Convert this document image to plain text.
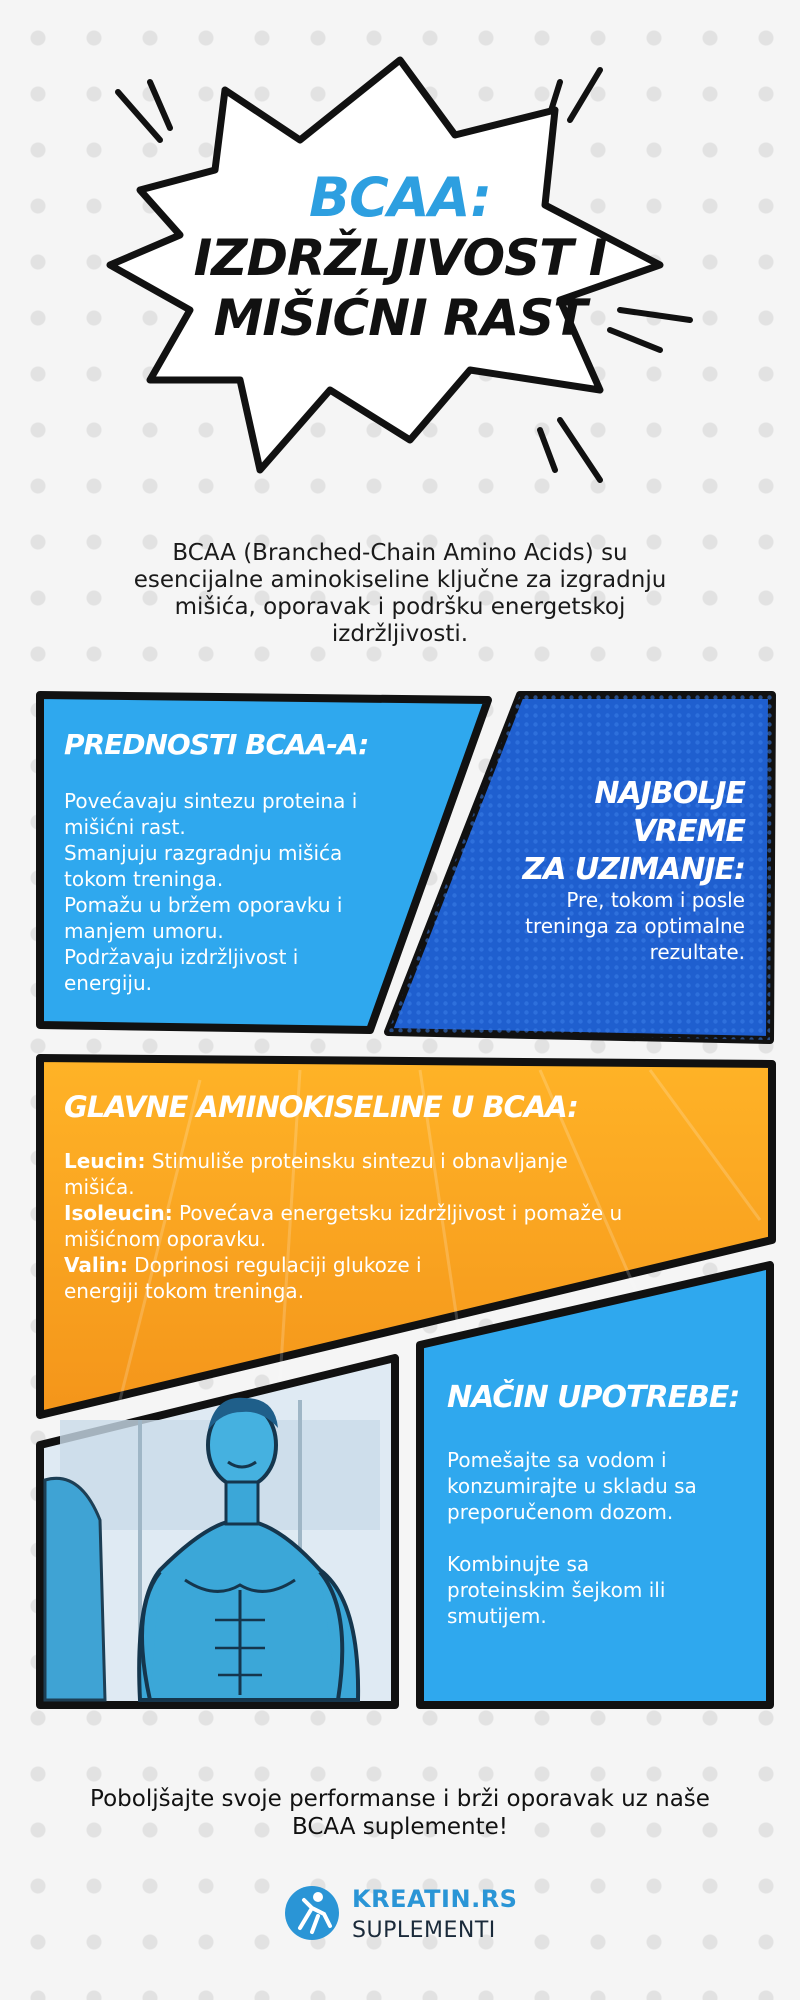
BCAA:
IZDRŽLJIVOST I
MIŠIĆNI RAST
BCAA (Branched-Chain Amino Acids) su esencijalne aminokiseline ključne za izgradnju mišića, oporavak i podršku energetskoj izdržljivosti.
PREDNOSTI BCAA-A:
Povećavaju sintezu proteina i
mišićni rast.
Smanjuju razgradnju mišića
tokom treninga.
Pomažu u bržem oporavku i
manjem umoru.
Podržavaju izdržljivost i
energiju.
NAJBOLJE VREME
ZA UZIMANJE:
Pre, tokom i posle
treninga za optimalne
rezultate.
GLAVNE AMINOKISELINE U BCAA:
Leucin: Stimuliše proteinsku sintezu i obnavljanje
mišića.
Isoleucin: Povećava energetsku izdržljivost i pomaže u
mišićnom oporavku.
Valin: Doprinosi regulaciji glukoze i
energiji tokom treninga.
NAČIN UPOTREBE:
Pomešajte sa vodom i
konzumirajte u skladu sa
preporučenom dozom.
Kombinujte sa
proteinskim šejkom ili
smutijem.
Poboljšajte svoje performanse i brži oporavak uz naše BCAA suplemente!
KREATIN.RS
SUPLEMENTI
